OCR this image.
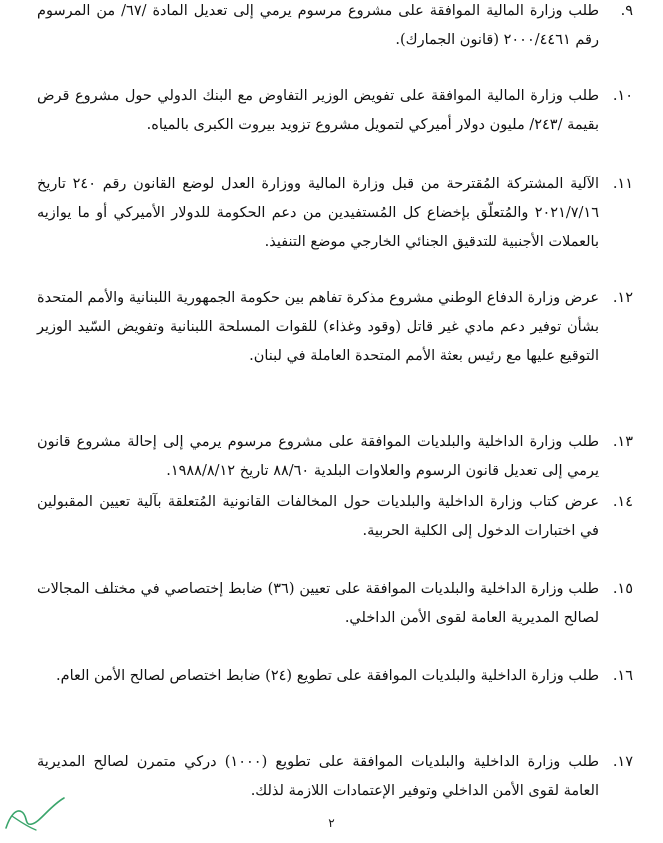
٩.
طلب وزارة المالية الموافقة على مشروع مرسوم يرمي إلى تعديل المادة /٦٧/ من المرسوم رقم ٢٠٠٠/٤٤٦١ (قانون الجمارك).
١٠.
طلب وزارة المالية الموافقة على تفويض الوزير التفاوض مع البنك الدولي حول مشروع قرض بقيمة /٢٤٣/ مليون دولار أميركي لتمويل مشروع تزويد بيروت الكبرى بالمياه.
١١.
الآلية المشتركة المُقترحة من قبل وزارة المالية ووزارة العدل لوضع القانون رقم ٢٤٠ تاريخ ٢٠٢١/٧/١٦ والمُتعلّق بإخضاع كل المُستفيدين من دعم الحكومة للدولار الأميركي أو ما يوازيه بالعملات الأجنبية للتدقيق الجنائي الخارجي موضع التنفيذ.
١٢.
عرض وزارة الدفاع الوطني مشروع مذكرة تفاهم بين حكومة الجمهورية اللبنانية والأمم المتحدة بشأن توفير دعم مادي غير قاتل (وقود وغذاء) للقوات المسلحة اللبنانية وتفويض السّيد الوزير التوقيع عليها مع رئيس بعثة الأمم المتحدة العاملة في لبنان.
١٣.
طلب وزارة الداخلية والبلديات الموافقة على مشروع مرسوم يرمي إلى إحالة مشروع قانون يرمي إلى تعديل قانون الرسوم والعلاوات البلدية ٨٨/٦٠ تاريخ ١٩٨٨/٨/١٢.
١٤.
عرض كتاب وزارة الداخلية والبلديات حول المخالفات القانونية المُتعلقة بآلية تعيين المقبولين في اختبارات الدخول إلى الكلية الحربية.
١٥.
طلب وزارة الداخلية والبلديات الموافقة على تعيين (٣٦) ضابط إختصاصي في مختلف المجالات لصالح المديرية العامة لقوى الأمن الداخلي.
١٦.
طلب وزارة الداخلية والبلديات الموافقة على تطويع (٢٤) ضابط اختصاص لصالح الأمن العام.
١٧.
طلب وزارة الداخلية والبلديات الموافقة على تطويع (١٠٠٠) دركي متمرن لصالح المديرية العامة لقوى الأمن الداخلي وتوفير الإعتمادات اللازمة لذلك.
٢
